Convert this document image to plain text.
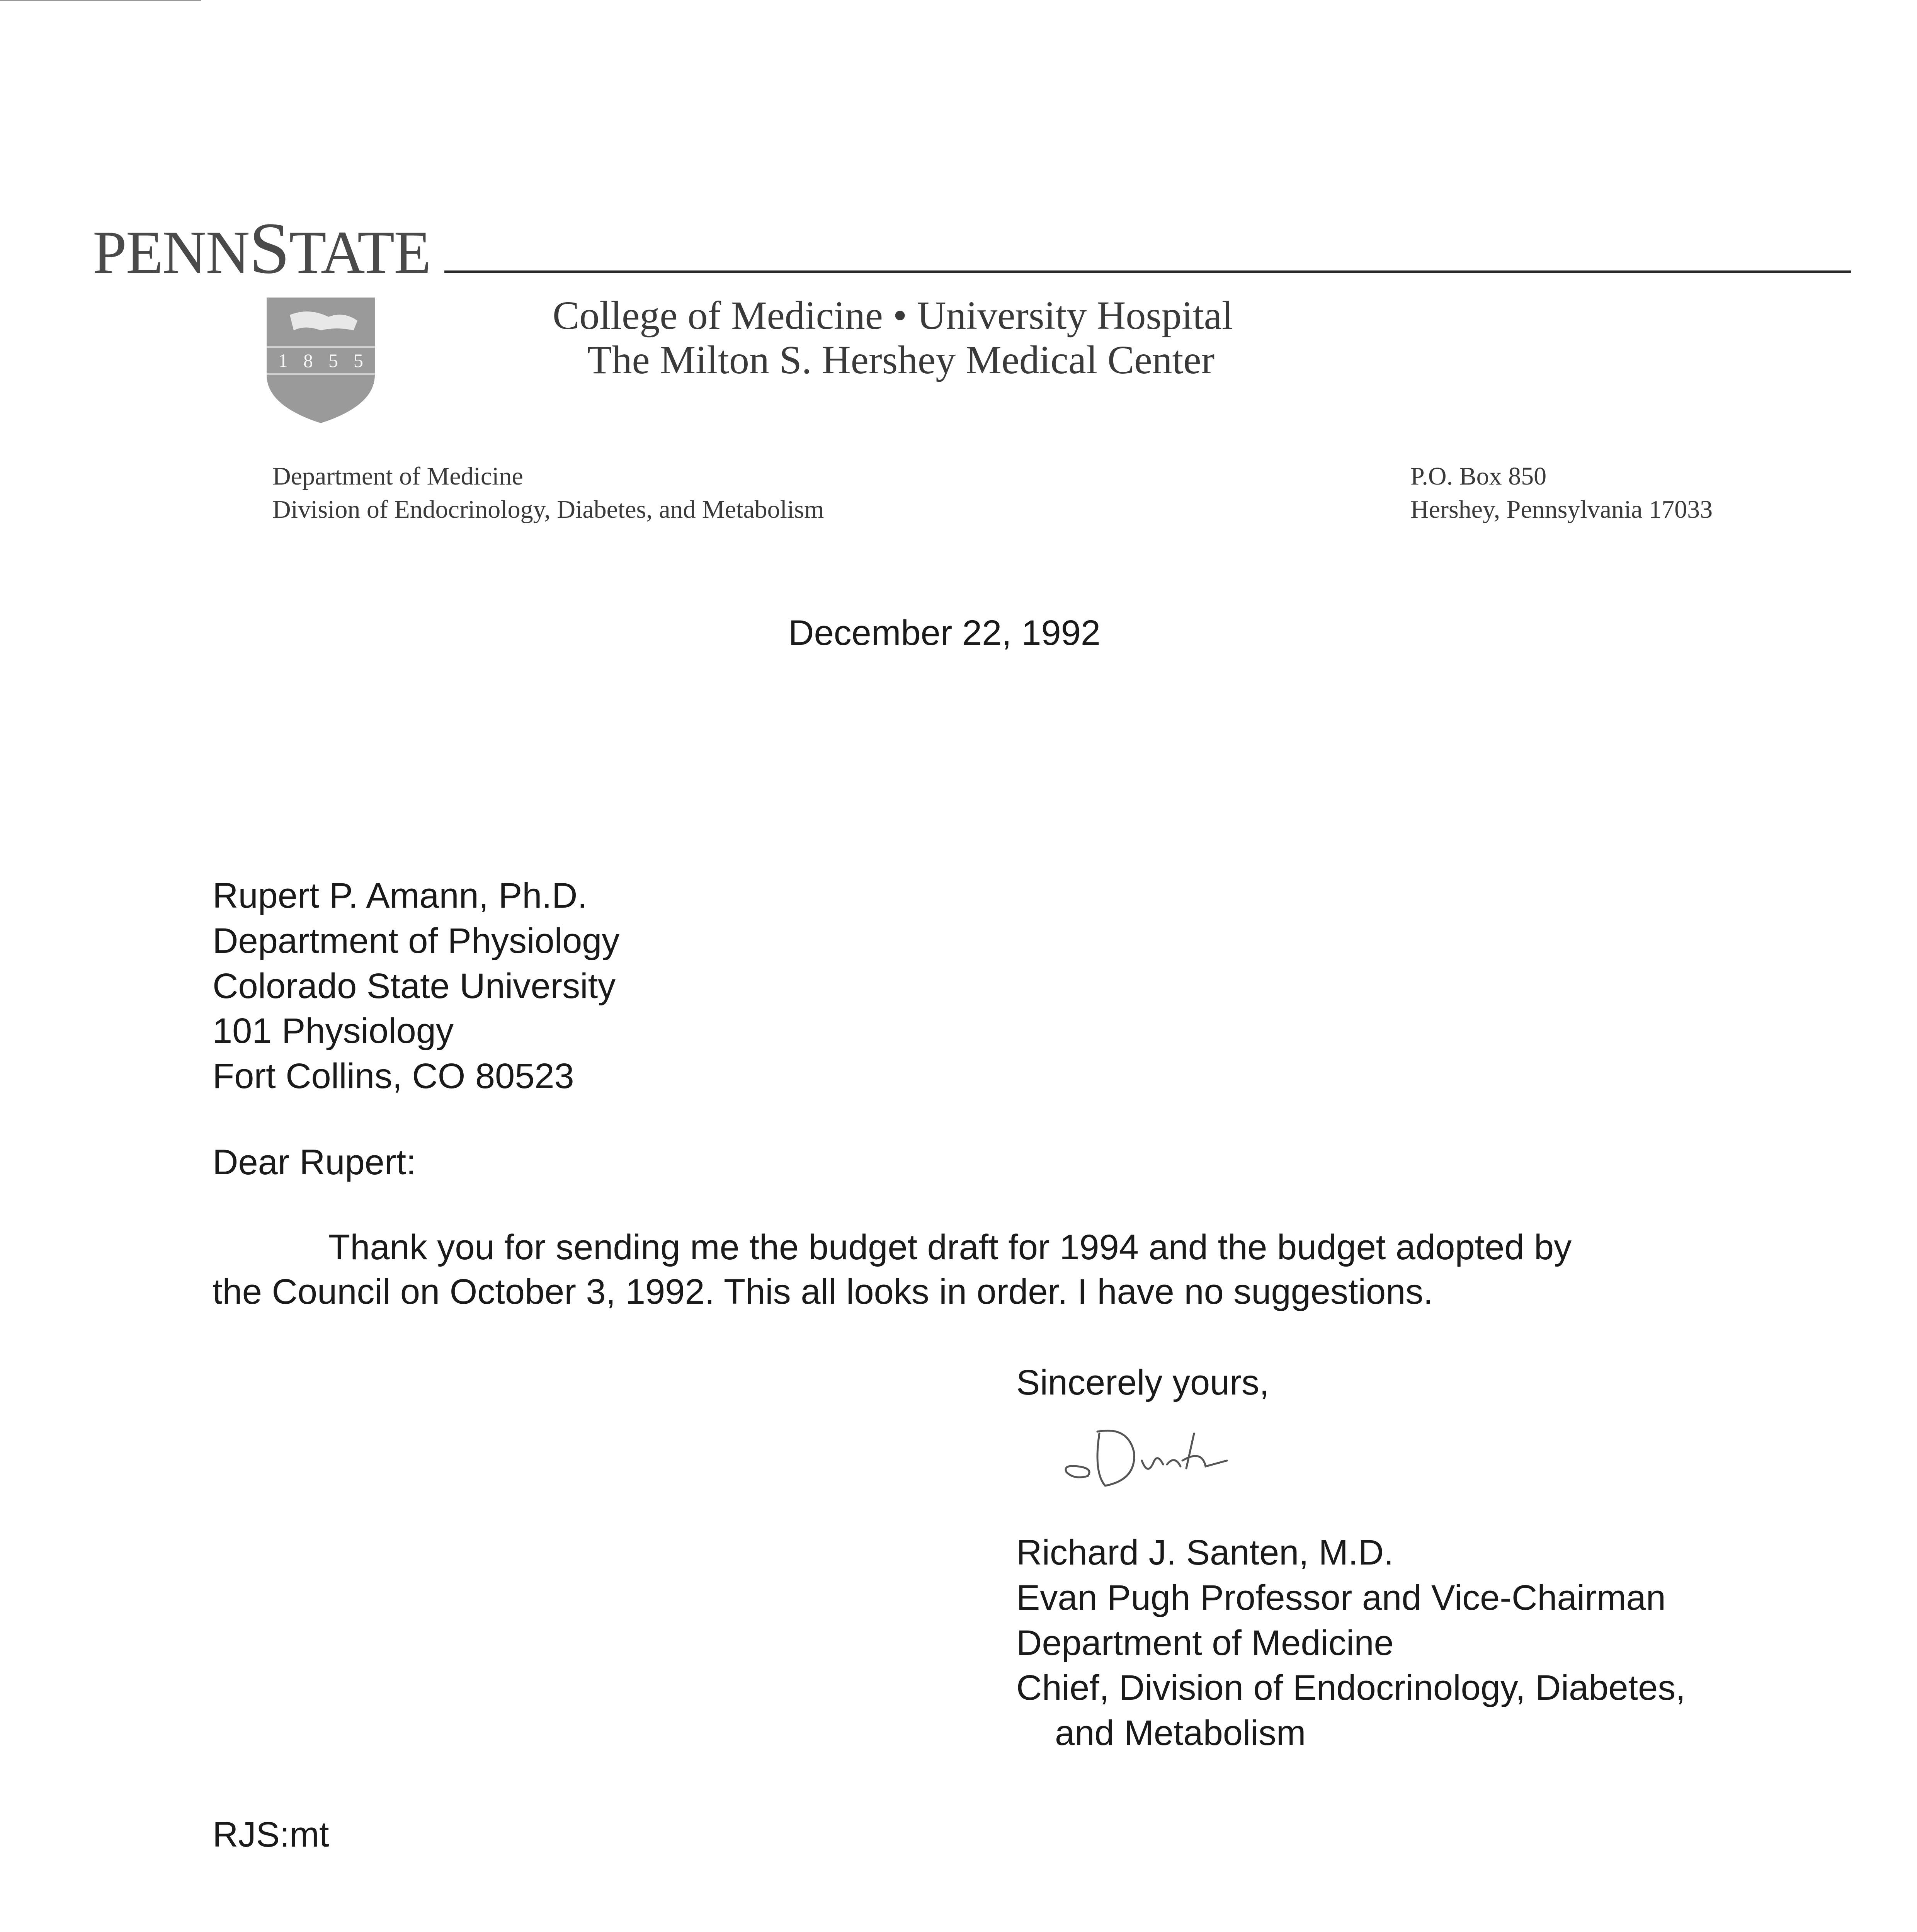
PENNSTATE
1 8 5 5
College of Medicine • University Hospital
The Milton S. Hershey Medical Center
Department of Medicine
Division of Endocrinology, Diabetes, and Metabolism
P.O. Box 850
Hershey, Pennsylvania 17033
December 22, 1992
Rupert P. Amann, Ph.D.
Department of Physiology
Colorado State University
101 Physiology
Fort Collins, CO 80523
Dear Rupert:
Thank you for sending me the budget draft for 1994 and the budget adopted by
the Council on October 3, 1992. This all looks in order. I have no suggestions.
Sincerely yours,
Richard J. Santen, M.D.
Evan Pugh Professor and Vice-Chairman
Department of Medicine
Chief, Division of Endocrinology, Diabetes,
and Metabolism
RJS:mt
